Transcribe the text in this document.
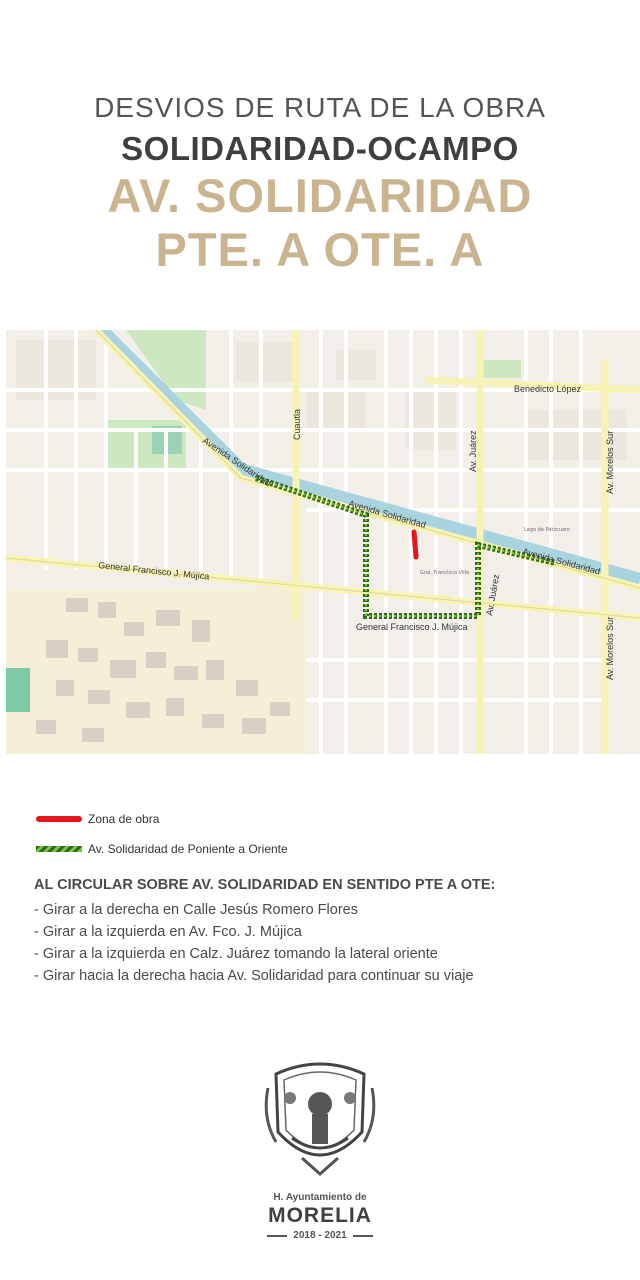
DESVIOS DE RUTA DE LA OBRA
SOLIDARIDAD-OCAMPO
AV. SOLIDARIDAD
PTE. A OTE. A
Avenida Solidaridad
Avenida Solidaridad
Avenida Solidaridad
General Francisco J. Mújica
General Francisco J. Mújica
Benedicto López
Av. Juárez
Av. Juárez
Av. Morelos Sur
Av. Morelos Sur
Cuautla
Gral. Francisco Villa
Lago de Pátzcuaro
Zona de obra
Av. Solidaridad de Poniente a Oriente
AL CIRCULAR SOBRE AV. SOLIDARIDAD EN SENTIDO PTE A OTE:
- Girar a la derecha en Calle Jesús Romero Flores
- Girar a la izquierda en Av. Fco. J. Mújica
- Girar a la izquierda en Calz. Juárez tomando la lateral oriente
- Girar hacia la derecha hacia Av. Solidaridad para continuar su viaje
H. Ayuntamiento de
MORELIA
2018 - 2021
